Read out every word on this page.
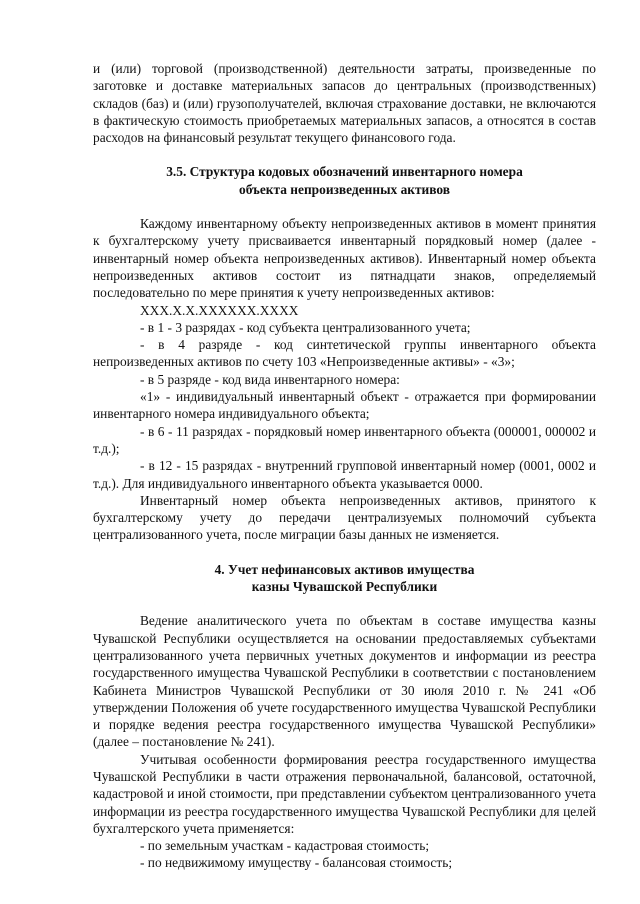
и (или) торговой (производственной) деятельности затраты, произведенные по заготовке и доставке материальных запасов до центральных (производственных) складов (баз) и (или) грузополучателей, включая страхование доставки, не включаются в фактическую стоимость приобретаемых материальных запасов, а относятся в состав расходов на финансовый результат текущего финансового года.

3.5. Структура кодовых обозначений инвентарного номера
объекта непроизведенных активов

Каждому инвентарному объекту непроизведенных активов в момент принятия к бухгалтерскому учету присваивается инвентарный порядковый номер (далее - инвентарный номер объекта непроизведенных активов). Инвентарный номер объекта непроизведенных активов состоит из пятнадцати знаков, определяемый последовательно по мере принятия к учету непроизведенных активов:

XXX.X.X.XXXXXX.XXXX

- в 1 - 3 разрядах - код субъекта централизованного учета;

- в 4 разряде - код синтетической группы инвентарного объекта непроизведенных активов по счету 103 «Непроизведенные активы» - «3»;

- в 5 разряде - код вида инвентарного номера:

«1» - индивидуальный инвентарный объект - отражается при формировании инвентарного номера индивидуального объекта;

- в 6 - 11 разрядах - порядковый номер инвентарного объекта (000001, 000002 и т.д.);

- в 12 - 15 разрядах - внутренний групповой инвентарный номер (0001, 0002 и т.д.). Для индивидуального инвентарного объекта указывается 0000.

Инвентарный номер объекта непроизведенных активов, принятого к бухгалтерскому учету до передачи централизуемых полномочий субъекта централизованного учета, после миграции базы данных не изменяется.

4. Учет нефинансовых активов имущества
казны Чувашской Республики

Ведение аналитического учета по объектам в составе имущества казны Чувашской Республики осуществляется на основании предоставляемых субъектами централизованного учета первичных учетных документов и информации из реестра государственного имущества Чувашской Республики в соответствии с постановлением Кабинета Министров Чувашской Республики от 30 июля 2010 г. № 241 «Об утверждении Положения об учете государственного имущества Чувашской Республики и порядке ведения реестра государственного имущества Чувашской Республики» (далее – постановление № 241).

Учитывая особенности формирования реестра государственного имущества Чувашской Республики в части отражения первоначальной, балансовой, остаточной, кадастровой и иной стоимости, при представлении субъектом централизованного учета информации из реестра государственного имущества Чувашской Республики для целей бухгалтерского учета применяется:

- по земельным участкам - кадастровая стоимость;

- по недвижимому имуществу - балансовая стоимость;
